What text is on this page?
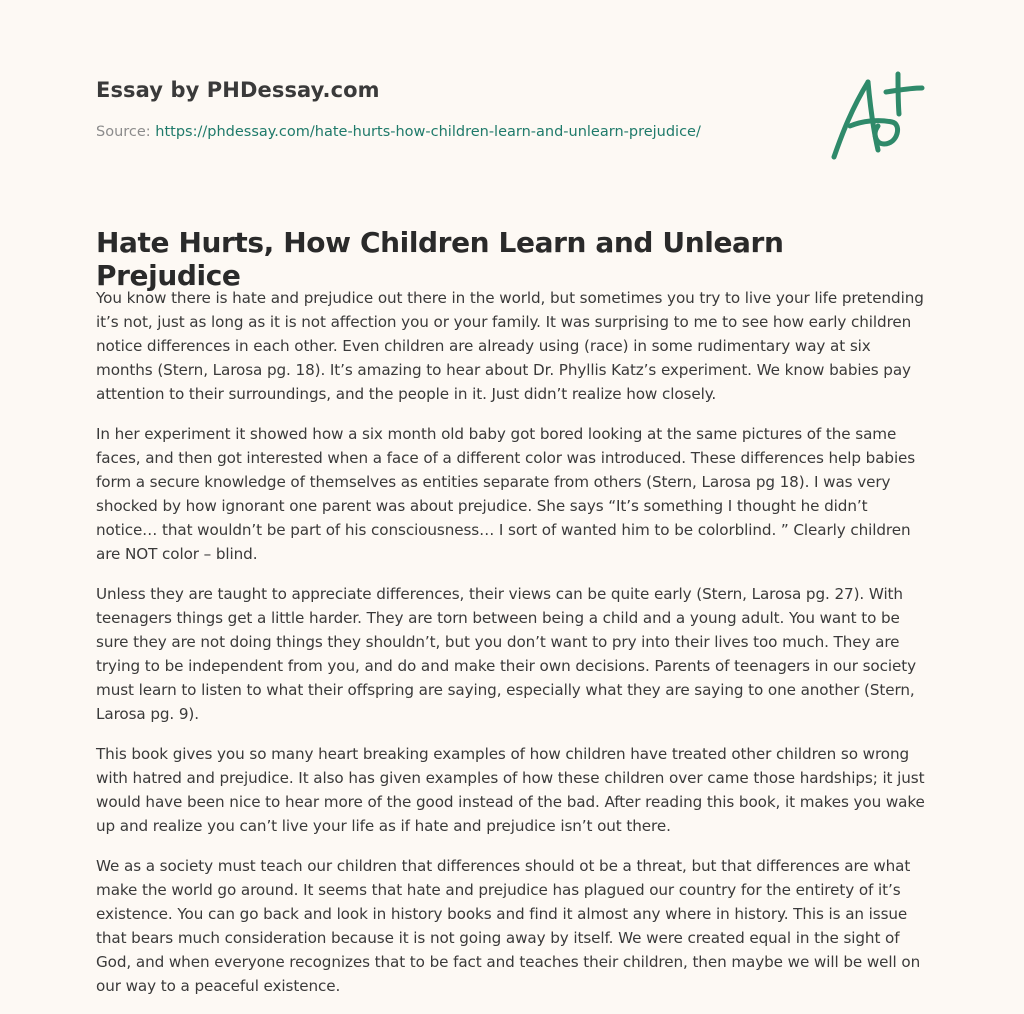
Essay by PHDessay.com

Source: https://phdessay.com/hate-hurts-how-children-learn-and-unlearn-prejudice/

Hate Hurts, How Children Learn and Unlearn Prejudice

You know there is hate and prejudice out there in the world, but sometimes you try to live your life pretending it’s not, just as long as it is not affection you or your family. It was surprising to me to see how early children notice differences in each other. Even children are already using (race) in some rudimentary way at six months (Stern, Larosa pg. 18). It’s amazing to hear about Dr. Phyllis Katz’s experiment. We know babies pay attention to their surroundings, and the people in it. Just didn’t realize how closely.

In her experiment it showed how a six month old baby got bored looking at the same pictures of the same faces, and then got interested when a face of a different color was introduced. These differences help babies form a secure knowledge of themselves as entities separate from others (Stern, Larosa pg 18). I was very shocked by how ignorant one parent was about prejudice. She says “It’s something I thought he didn’t notice… that wouldn’t be part of his consciousness… I sort of wanted him to be colorblind. ” Clearly children are NOT color – blind.

Unless they are taught to appreciate differences, their views can be quite early (Stern, Larosa pg. 27). With teenagers things get a little harder. They are torn between being a child and a young adult. You want to be sure they are not doing things they shouldn’t, but you don’t want to pry into their lives too much. They are trying to be independent from you, and do and make their own decisions. Parents of teenagers in our society must learn to listen to what their offspring are saying, especially what they are saying to one another (Stern, Larosa pg. 9).

This book gives you so many heart breaking examples of how children have treated other children so wrong with hatred and prejudice. It also has given examples of how these children over came those hardships; it just would have been nice to hear more of the good instead of the bad. After reading this book, it makes you wake up and realize you can’t live your life as if hate and prejudice isn’t out there.

We as a society must teach our children that differences should ot be a threat, but that differences are what make the world go around. It seems that hate and prejudice has plagued our country for the entirety of it’s existence. You can go back and look in history books and find it almost any where in history. This is an issue that bears much consideration because it is not going away by itself. We were created equal in the sight of God, and when everyone recognizes that to be fact and teaches their children, then maybe we will be well on our way to a peaceful existence.
